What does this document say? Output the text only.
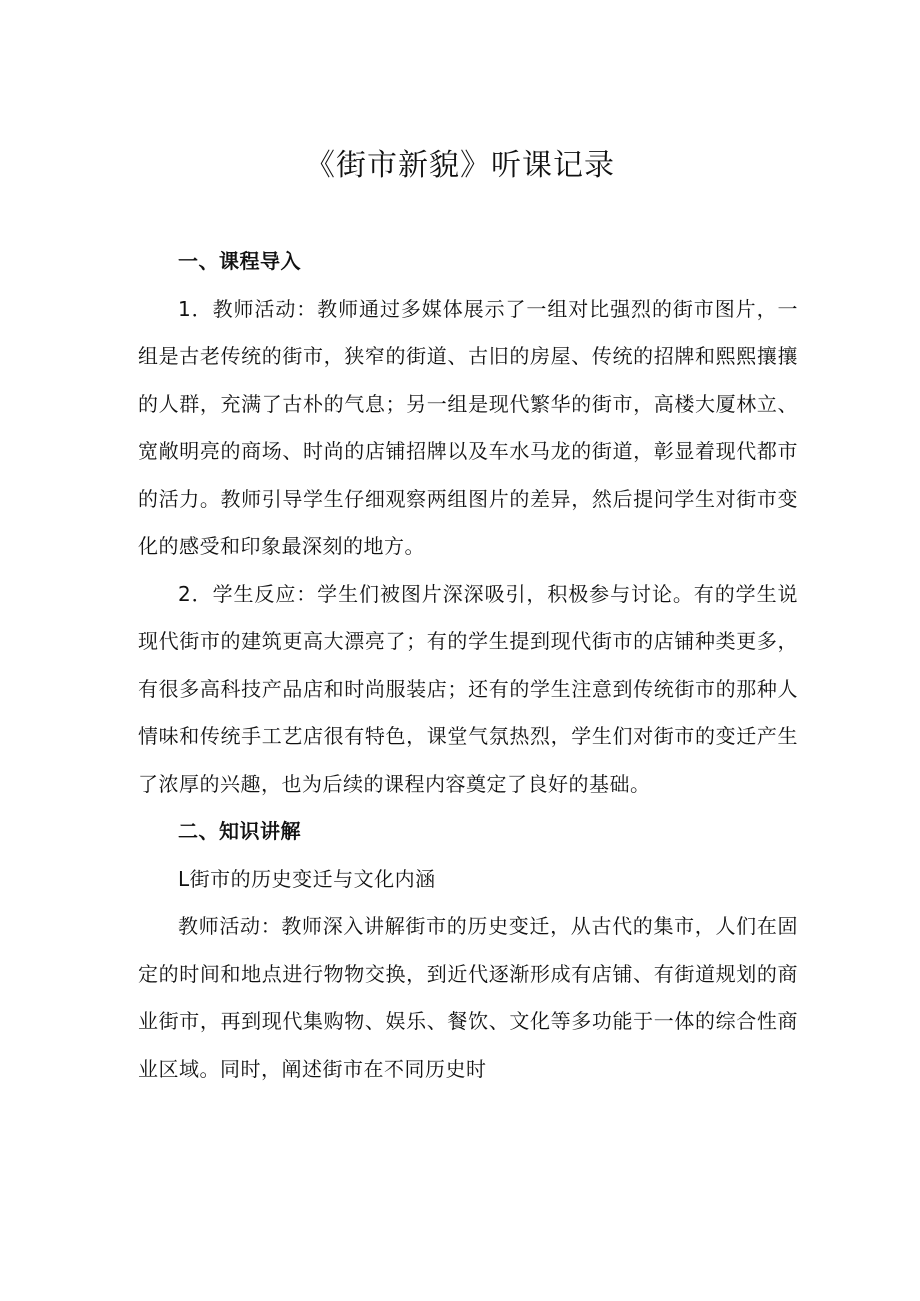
《街市新貌》听课记录

一、课程导入

1．教师活动：教师通过多媒体展示了一组对比强烈的街市图片，一组是古老传统的街市，狭窄的街道、古旧的房屋、传统的招牌和熙熙攘攘的人群，充满了古朴的气息；另一组是现代繁华的街市，高楼大厦林立、宽敞明亮的商场、时尚的店铺招牌以及车水马龙的街道，彰显着现代都市的活力。教师引导学生仔细观察两组图片的差异，然后提问学生对街市变化的感受和印象最深刻的地方。

2．学生反应：学生们被图片深深吸引，积极参与讨论。有的学生说现代街市的建筑更高大漂亮了；有的学生提到现代街市的店铺种类更多，有很多高科技产品店和时尚服装店；还有的学生注意到传统街市的那种人情味和传统手工艺店很有特色，课堂气氛热烈，学生们对街市的变迁产生了浓厚的兴趣，也为后续的课程内容奠定了良好的基础。

二、知识讲解

L街市的历史变迁与文化内涵

教师活动：教师深入讲解街市的历史变迁，从古代的集市，人们在固定的时间和地点进行物物交换，到近代逐渐形成有店铺、有街道规划的商业街市，再到现代集购物、娱乐、餐饮、文化等多功能于一体的综合性商业区域。同时，阐述街市在不同历史时
